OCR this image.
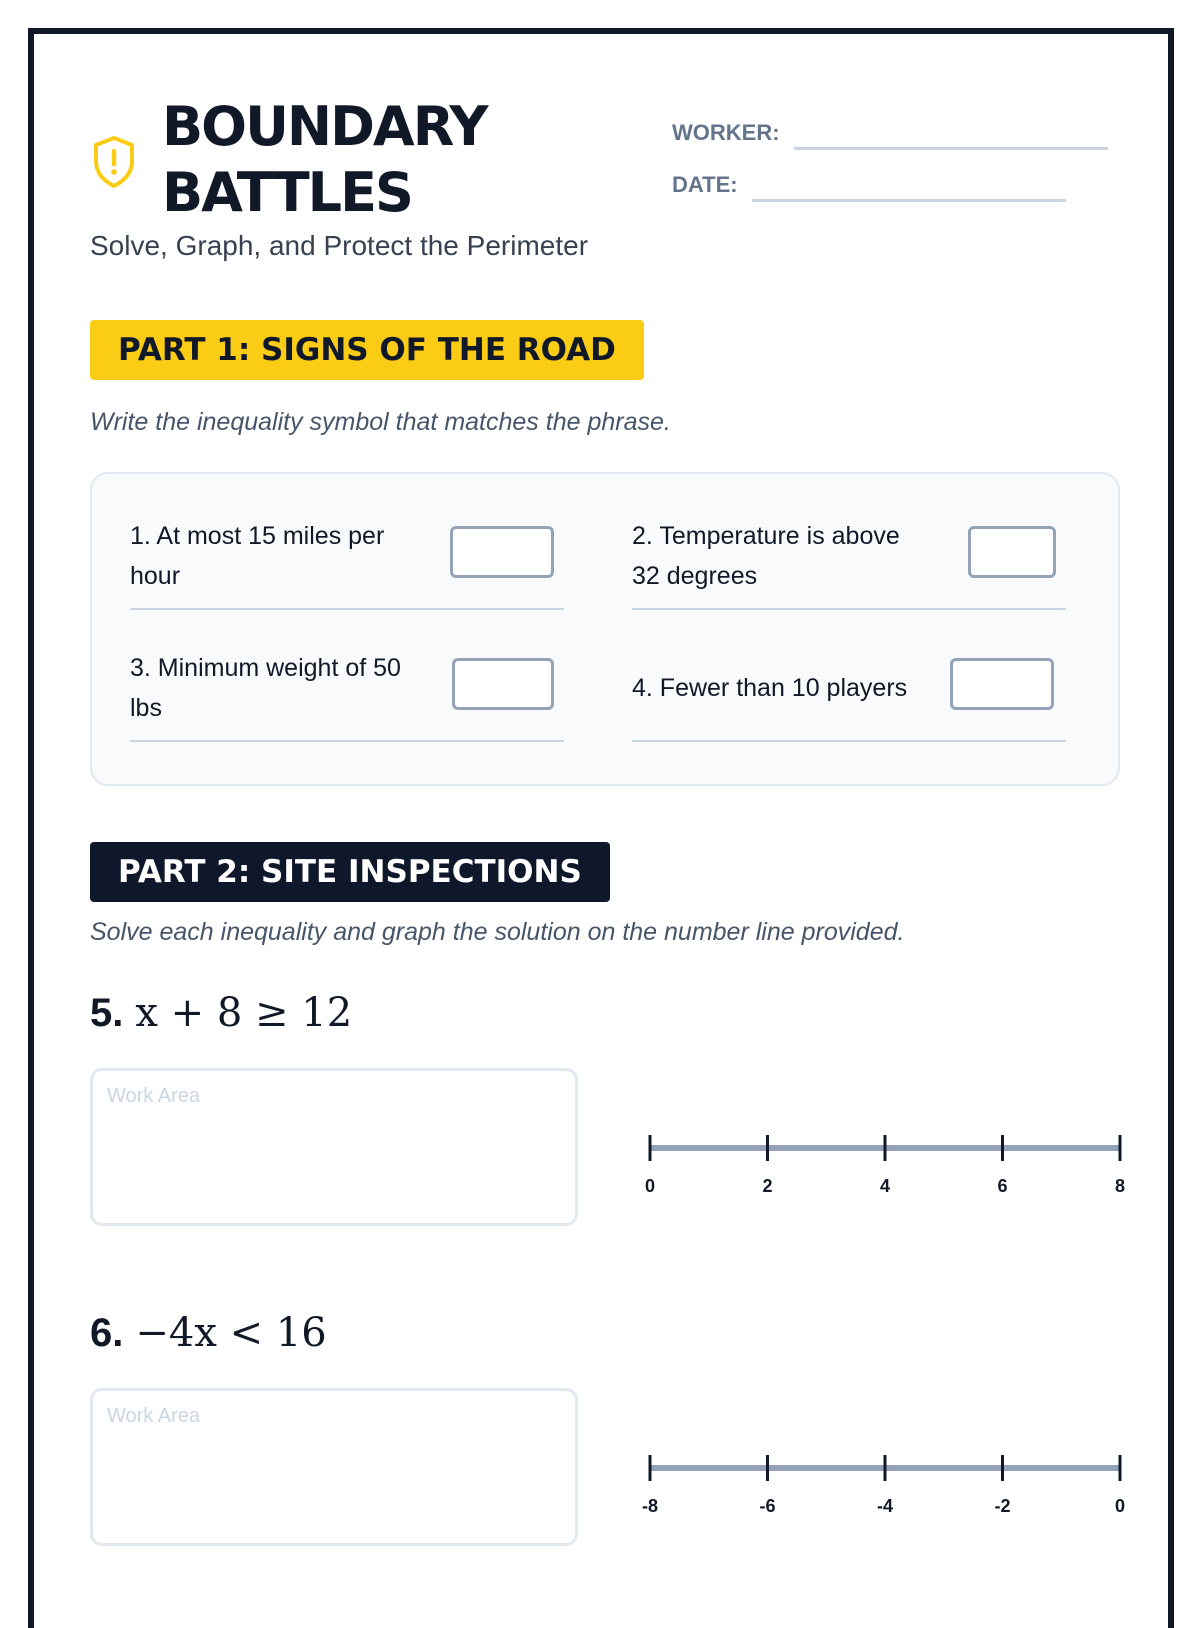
BOUNDARY
BATTLES
Solve, Graph, and Protect the Perimeter
WORKER:
DATE:
PART 1: SIGNS OF THE ROAD
Write the inequality symbol that matches the phrase.
1. At most 15 miles per hour
2. Temperature is above 32 degrees
3. Minimum weight of 50 lbs
4. Fewer than 10 players
PART 2: SITE INSPECTIONS
Solve each inequality and graph the solution on the number line provided.
5. x + 8 ≥ 12
Work Area
0	2	4	6	8
6. −4x < 16
Work Area
-8	-6	-4	-2	0
